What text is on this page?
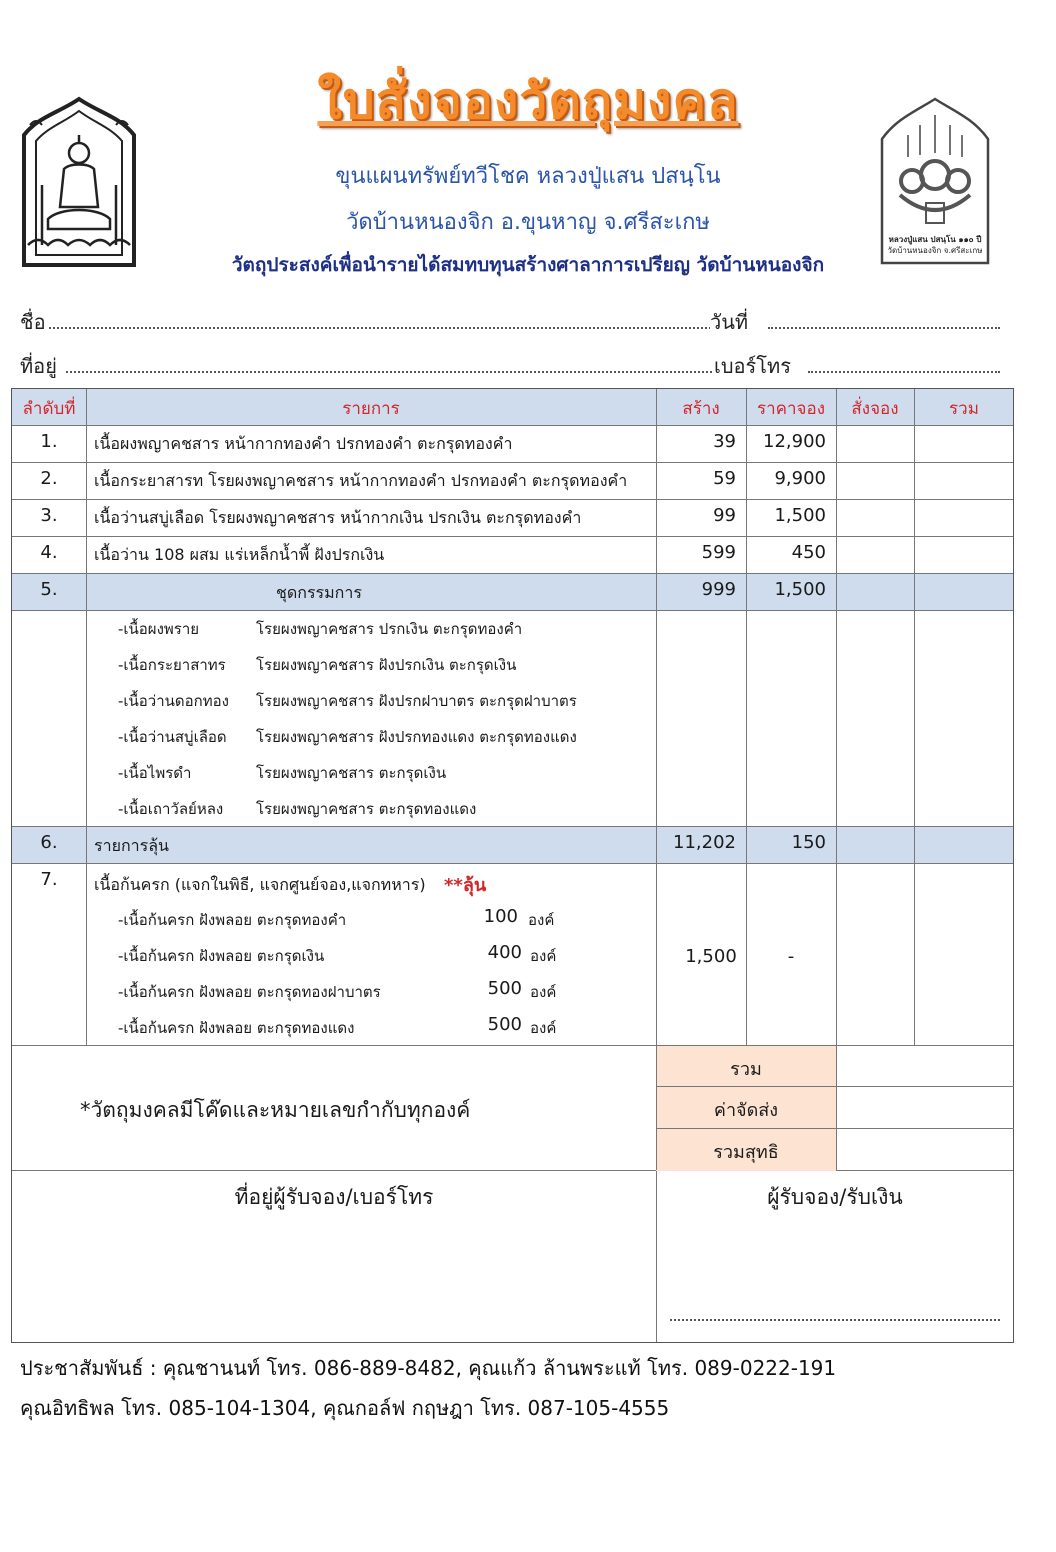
ใบสั่งจองวัตถุมงคล
ขุนแผนทรัพย์ทวีโชค หลวงปู่แสน ปสนฺโน
วัดบ้านหนองจิก อ.ขุนหาญ จ.ศรีสะเกษ
วัตถุประสงค์เพื่อนำรายได้สมทบทุนสร้างศาลาการเปรียญ วัดบ้านหนองจิก
หลวงปู่แสน ปสนฺโน ๑๑๐ ปี
วัดบ้านหนองจิก จ.ศรีสะเกษ
ชื่อ	วันที่
ที่อยู่	เบอร์โทร
ลำดับที่	รายการ	สร้าง	ราคาจอง	สั่งจอง	รวม
1.	เนื้อผงพญาคชสาร หน้ากากทองคำ ปรกทองคำ ตะกรุดทองคำ	39	12,900
2.	เนื้อกระยาสารท โรยผงพญาคชสาร หน้ากากทองคำ ปรกทองคำ ตะกรุดทองคำ	59	9,900
3.	เนื้อว่านสบู่เลือด โรยผงพญาคชสาร หน้ากากเงิน ปรกเงิน ตะกรุดทองคำ	99	1,500
4.	เนื้อว่าน 108 ผสม แร่เหล็กน้ำพี้ ฝังปรกเงิน	599	450
5.	ชุดกรรมการ	999	1,500
-เนื้อผงพราย	โรยผงพญาคชสาร ปรกเงิน ตะกรุดทองคำ
-เนื้อกระยาสาทร	โรยผงพญาคชสาร ฝังปรกเงิน ตะกรุดเงิน
-เนื้อว่านดอกทอง	โรยผงพญาคชสาร ฝังปรกฝาบาตร ตะกรุดฝาบาตร
-เนื้อว่านสบู่เลือด	โรยผงพญาคชสาร ฝังปรกทองแดง ตะกรุดทองแดง
-เนื้อไพรดำ	โรยผงพญาคชสาร ตะกรุดเงิน
-เนื้อเถาวัลย์หลง	โรยผงพญาคชสาร ตะกรุดทองแดง
6.	รายการลุ้น	11,202	150
7.	เนื้อก้นครก (แจกในพิธี, แจกศูนย์จอง,แจกทหาร)	**ลุ้น
-เนื้อก้นครก ฝังพลอย ตะกรุดทองคำ	100 องค์
-เนื้อก้นครก ฝังพลอย ตะกรุดเงิน	400 องค์
-เนื้อก้นครก ฝังพลอย ตะกรุดทองฝาบาตร	500 องค์
-เนื้อก้นครก ฝังพลอย ตะกรุดทองแดง	500 องค์
1,500	-
*วัตถุมงคลมีโค๊ดและหมายเลขกำกับทุกองค์
รวม
ค่าจัดส่ง
รวมสุทธิ
ที่อยู่ผู้รับจอง/เบอร์โทร	ผู้รับจอง/รับเงิน
ประชาสัมพันธ์ : คุณชานนท์ โทร. 086-889-8482, คุณแก้ว ล้านพระแท้ โทร. 089-0222-191
คุณอิทธิพล โทร. 085-104-1304, คุณกอล์ฟ กฤษฎา โทร. 087-105-4555
